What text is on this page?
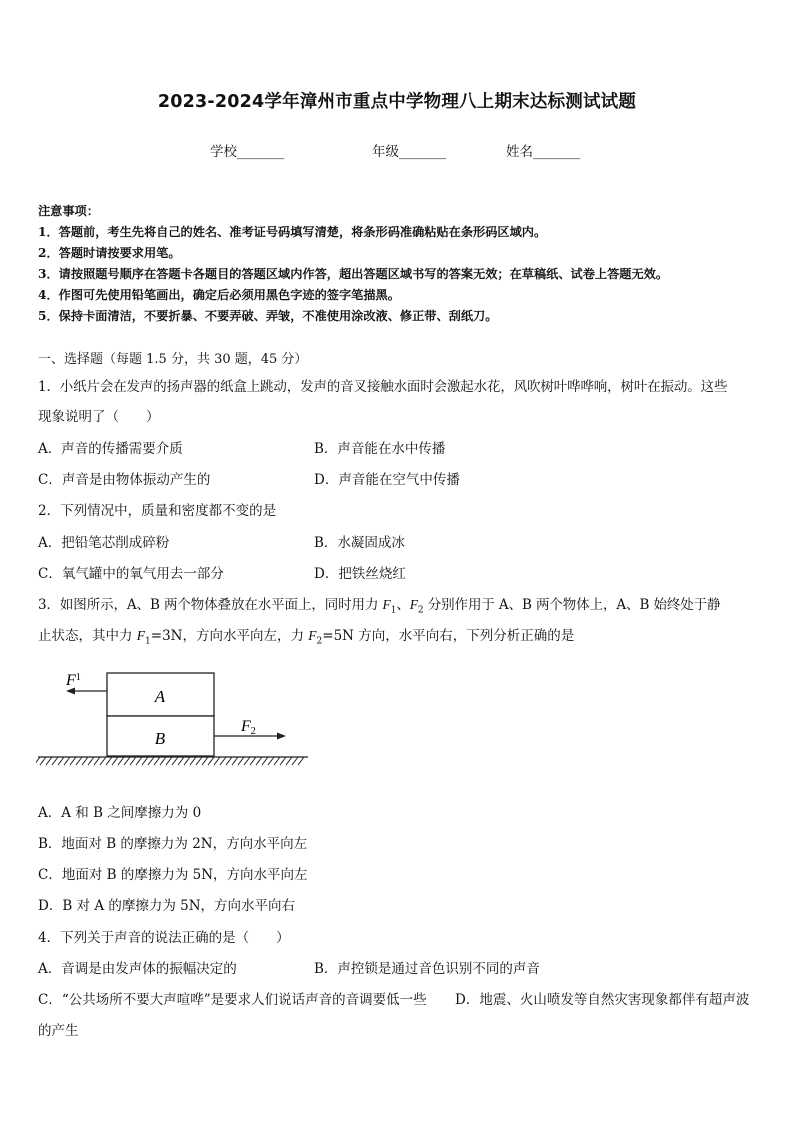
2023-2024学年漳州市重点中学物理八上期末达标测试试题
学校_______	年级_______	姓名_______
注意事项：
1．答题前，考生先将自己的姓名、准考证号码填写清楚，将条形码准确粘贴在条形码区域内。
2．答题时请按要求用笔。
3．请按照题号顺序在答题卡各题目的答题区域内作答，超出答题区域书写的答案无效；在草稿纸、试卷上答题无效。
4．作图可先使用铅笔画出，确定后必须用黑色字迹的签字笔描黑。
5．保持卡面清洁，不要折暴、不要弄破、弄皱，不准使用涂改液、修正带、刮纸刀。
一、选择题（每题 1.5 分，共 30 题，45 分）
1．小纸片会在发声的扬声器的纸盒上跳动，发声的音叉接触水面时会激起水花，风吹树叶哗哗响，树叶在振动。这些
现象说明了（　　）
A．声音的传播需要介质	B．声音能在水中传播
C．声音是由物体振动产生的	D．声音能在空气中传播
2．下列情况中，质量和密度都不变的是
A．把铅笔芯削成碎粉	B．水凝固成冰
C．氧气罐中的氧气用去一部分	D．把铁丝烧红
3．如图所示，A、B 两个物体叠放在水平面上，同时用力 $F_1$、$F_2$ 分别作用于 A、B 两个物体上，A、B 始终处于静
止状态，其中力 $F_1=3N$，方向水平向左，力 $F_2=5N$ 方向，水平向右，下列分析正确的是
A
B
$F^1$
F2
A．A 和 B 之间摩擦力为 0
B．地面对 B 的摩擦力为 2N，方向水平向左
C．地面对 B 的摩擦力为 5N，方向水平向左
D．B 对 A 的摩擦力为 5N，方向水平向右
4．下列关于声音的说法正确的是（　　）
A．音调是由发声体的振幅决定的	B．声控锁是通过音色识别不同的声音
C．“公共场所不要大声喧哗”是要求人们说话声音的音调要低一些 D．地震、火山喷发等自然灾害现象都伴有超声波
的产生
